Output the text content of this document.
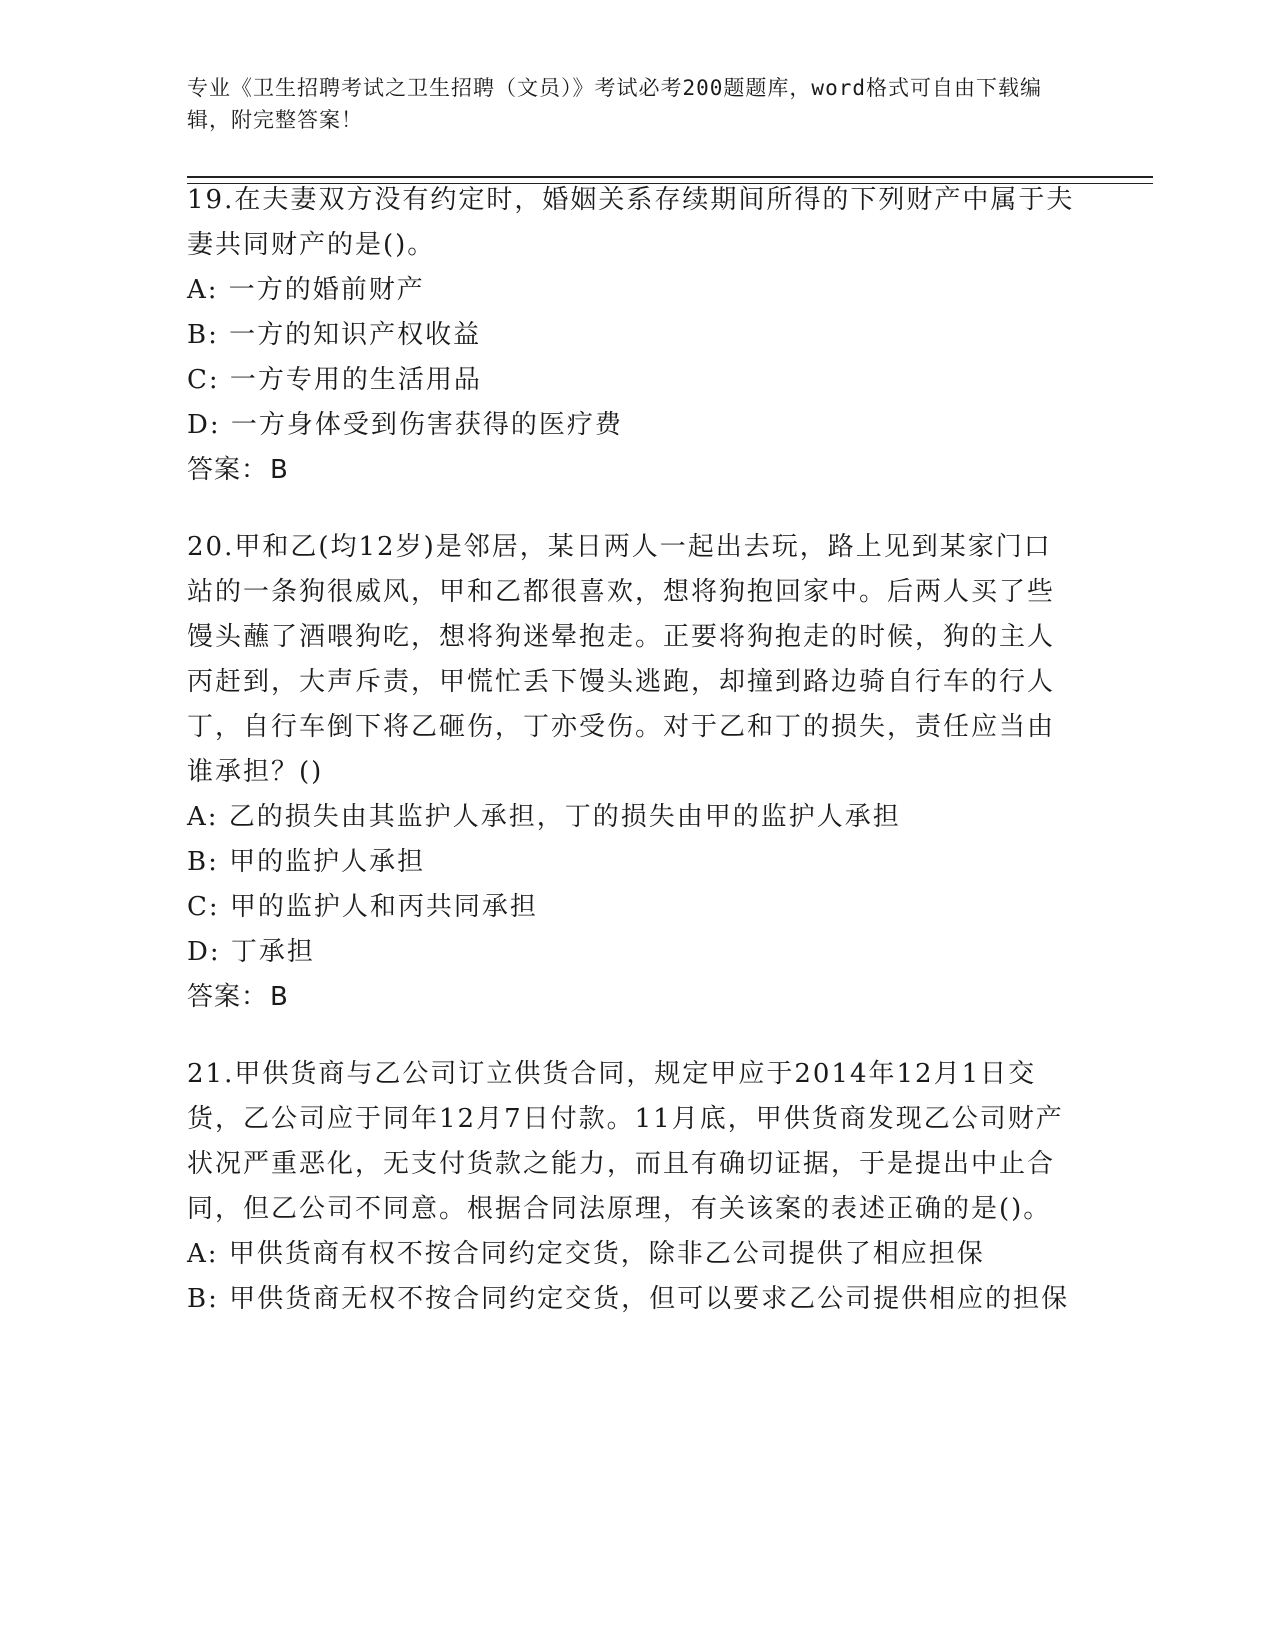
专业《卫生招聘考试之卫生招聘（文员）》考试必考200题题库，word格式可自由下载编辑，附完整答案！
19.在夫妻双方没有约定时，婚姻关系存续期间所得的下列财产中属于夫妻共同财产的是()。
A: 一方的婚前财产
B: 一方的知识产权收益
C: 一方专用的生活用品
D: 一方身体受到伤害获得的医疗费
答案：B
20.甲和乙(均12岁)是邻居，某日两人一起出去玩，路上见到某家门口站的一条狗很威风，甲和乙都很喜欢，想将狗抱回家中。后两人买了些馒头蘸了酒喂狗吃，想将狗迷晕抱走。正要将狗抱走的时候，狗的主人丙赶到，大声斥责，甲慌忙丢下馒头逃跑，却撞到路边骑自行车的行人丁，自行车倒下将乙砸伤，丁亦受伤。对于乙和丁的损失，责任应当由谁承担？()
A: 乙的损失由其监护人承担，丁的损失由甲的监护人承担
B: 甲的监护人承担
C: 甲的监护人和丙共同承担
D: 丁承担
答案：B
21.甲供货商与乙公司订立供货合同，规定甲应于2014年12月1日交货，乙公司应于同年12月7日付款。11月底，甲供货商发现乙公司财产状况严重恶化，无支付货款之能力，而且有确切证据，于是提出中止合同，但乙公司不同意。根据合同法原理，有关该案的表述正确的是()。
A: 甲供货商有权不按合同约定交货，除非乙公司提供了相应担保
B: 甲供货商无权不按合同约定交货，但可以要求乙公司提供相应的担保
